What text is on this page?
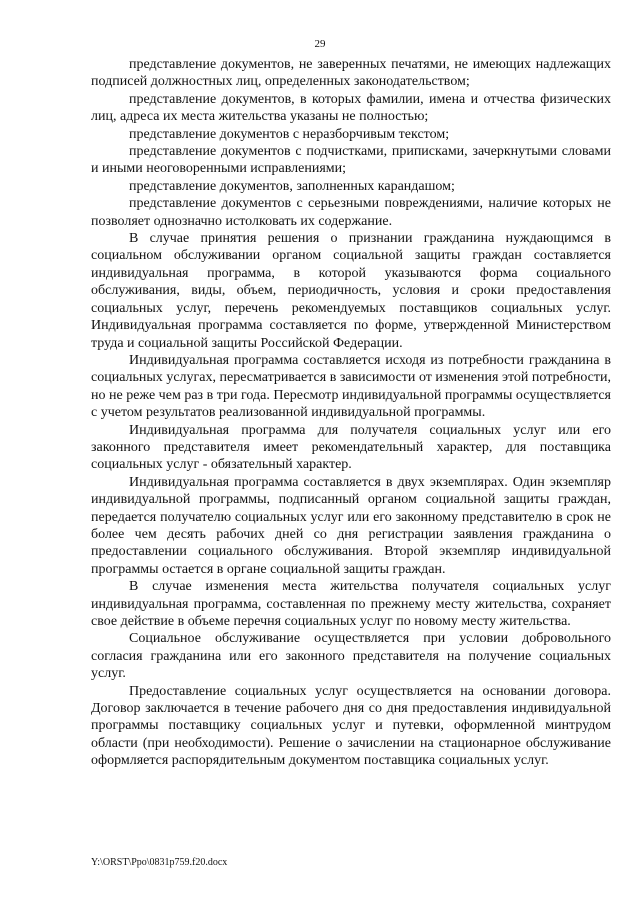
29

представление документов, не заверенных печатями, не имеющих надлежащих подписей должностных лиц, определенных законодательством;

представление документов, в которых фамилии, имена и отчества физических лиц, адреса их места жительства указаны не полностью;

представление документов с неразборчивым текстом;

представление документов с подчистками, приписками, зачеркнутыми словами и иными неоговоренными исправлениями;

представление документов, заполненных карандашом;

представление документов с серьезными повреждениями, наличие которых не позволяет однозначно истолковать их содержание.

В случае принятия решения о признании гражданина нуждающимся в социальном обслуживании органом социальной защиты граждан составляется индивидуальная программа, в которой указываются форма социального обслуживания, виды, объем, периодичность, условия и сроки предоставления социальных услуг, перечень рекомендуемых поставщиков социальных услуг. Индивидуальная программа составляется по форме, утвержденной Министерством труда и социальной защиты Российской Федерации.

Индивидуальная программа составляется исходя из потребности гражданина в социальных услугах, пересматривается в зависимости от изменения этой потребности, но не реже чем раз в три года. Пересмотр индивидуальной программы осуществляется с учетом результатов реализованной индивидуальной программы.

Индивидуальная программа для получателя социальных услуг или его законного представителя имеет рекомендательный характер, для поставщика социальных услуг - обязательный характер.

Индивидуальная программа составляется в двух экземплярах. Один экземпляр индивидуальной программы, подписанный органом социальной защиты граждан, передается получателю социальных услуг или его законному представителю в срок не более чем десять рабочих дней со дня регистрации заявления гражданина о предоставлении социального обслуживания. Второй экземпляр индивидуальной программы остается в органе социальной защиты граждан.

В случае изменения места жительства получателя социальных услуг индивидуальная программа, составленная по прежнему месту жительства, сохраняет свое действие в объеме перечня социальных услуг по новому месту жительства.

Социальное обслуживание осуществляется при условии добровольного согласия гражданина или его законного представителя на получение социальных услуг.

Предоставление социальных услуг осуществляется на основании договора. Договор заключается в течение рабочего дня со дня предоставления индивидуальной программы поставщику социальных услуг и путевки, оформленной минтрудом области (при необходимости). Решение о зачислении на стационарное обслуживание оформляется распорядительным документом поставщика социальных услуг.

Y:\ORST\Ppo\0831p759.f20.docx
